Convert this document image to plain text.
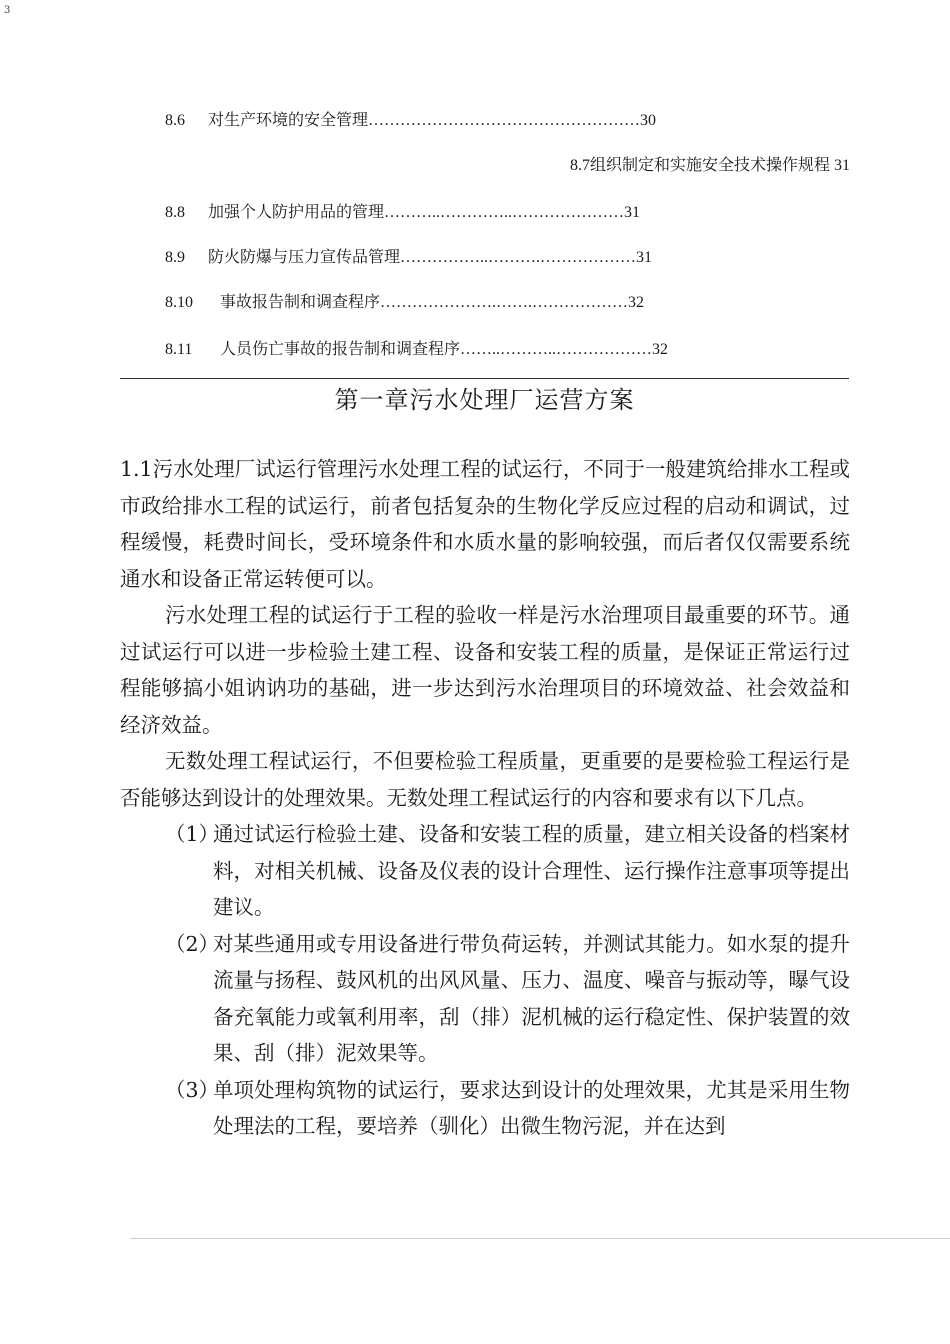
3
8.6 对生产环境的安全管理……………………………………………30
8.7组织制定和实施安全技术操作规程 31
8.8 加强个人防护用品的管理………..…………..…………………31
8.9 防火防爆与压力宣传品管理……………..……….………………31
8.10 事故报告制和调查程序………………….…….………………32
8.11 人员伤亡事故的报告制和调查程序……..………..………………32
第一章污水处理厂运营方案

1.1污水处理厂试运行管理污水处理工程的试运行，不同于一般建筑给排水工程或市政给排水工程的试运行，前者包括复杂的生物化学反应过程的启动和调试，过程缓慢，耗费时间长，受环境条件和水质水量的影响较强，而后者仅仅需要系统通水和设备正常运转便可以。

污水处理工程的试运行于工程的验收一样是污水治理项目最重要的环节。通过试运行可以进一步检验土建工程、设备和安装工程的质量，是保证正常运行过程能够搞小姐讷讷功的基础，进一步达到污水治理项目的环境效益、社会效益和经济效益。

无数处理工程试运行，不但要检验工程质量，更重要的是要检验工程运行是否能够达到设计的处理效果。无数处理工程试运行的内容和要求有以下几点。

（1）
通过试运行检验土建、设备和安装工程的质量，建立相关设备的档案材料，对相关机械、设备及仪表的设计合理性、运行操作注意事项等提出建议。
（2）
对某些通用或专用设备进行带负荷运转，并测试其能力。如水泵的提升流量与扬程、鼓风机的出风风量、压力、温度、噪音与振动等，曝气设备充氧能力或氧利用率，刮（排）泥机械的运行稳定性、保护装置的效果、刮（排）泥效果等。
（3）
单项处理构筑物的试运行，要求达到设计的处理效果，尤其是采用生物处理法的工程，要培养（驯化）出微生物污泥，并在达到
